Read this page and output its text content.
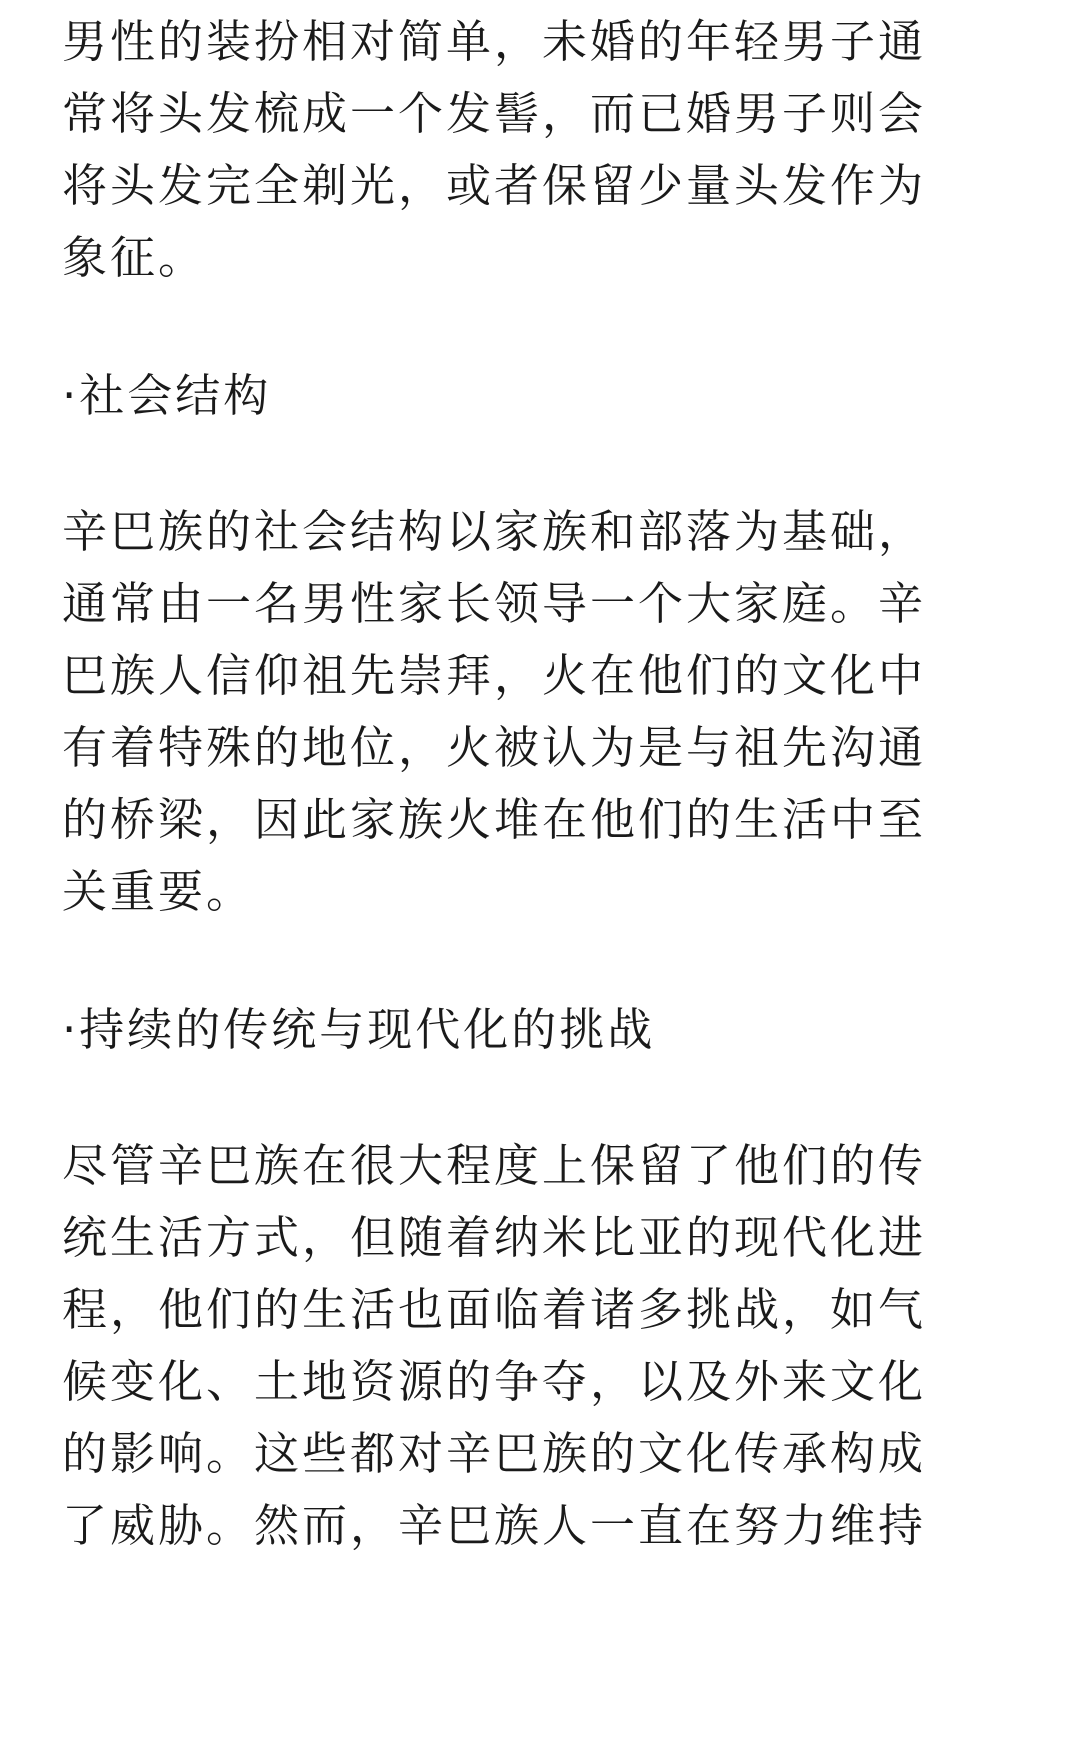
男性的装扮相对简单，未婚的年轻男子通
常将头发梳成一个发髻，而已婚男子则会
将头发完全剃光，或者保留少量头发作为
象征。
·社会结构
辛巴族的社会结构以家族和部落为基础，
通常由一名男性家长领导一个大家庭。辛
巴族人信仰祖先崇拜，火在他们的文化中
有着特殊的地位，火被认为是与祖先沟通
的桥梁，因此家族火堆在他们的生活中至
关重要。
·持续的传统与现代化的挑战
尽管辛巴族在很大程度上保留了他们的传
统生活方式，但随着纳米比亚的现代化进
程，他们的生活也面临着诸多挑战，如气
候变化、土地资源的争夺，以及外来文化
的影响。这些都对辛巴族的文化传承构成
了威胁。然而，辛巴族人一直在努力维持
